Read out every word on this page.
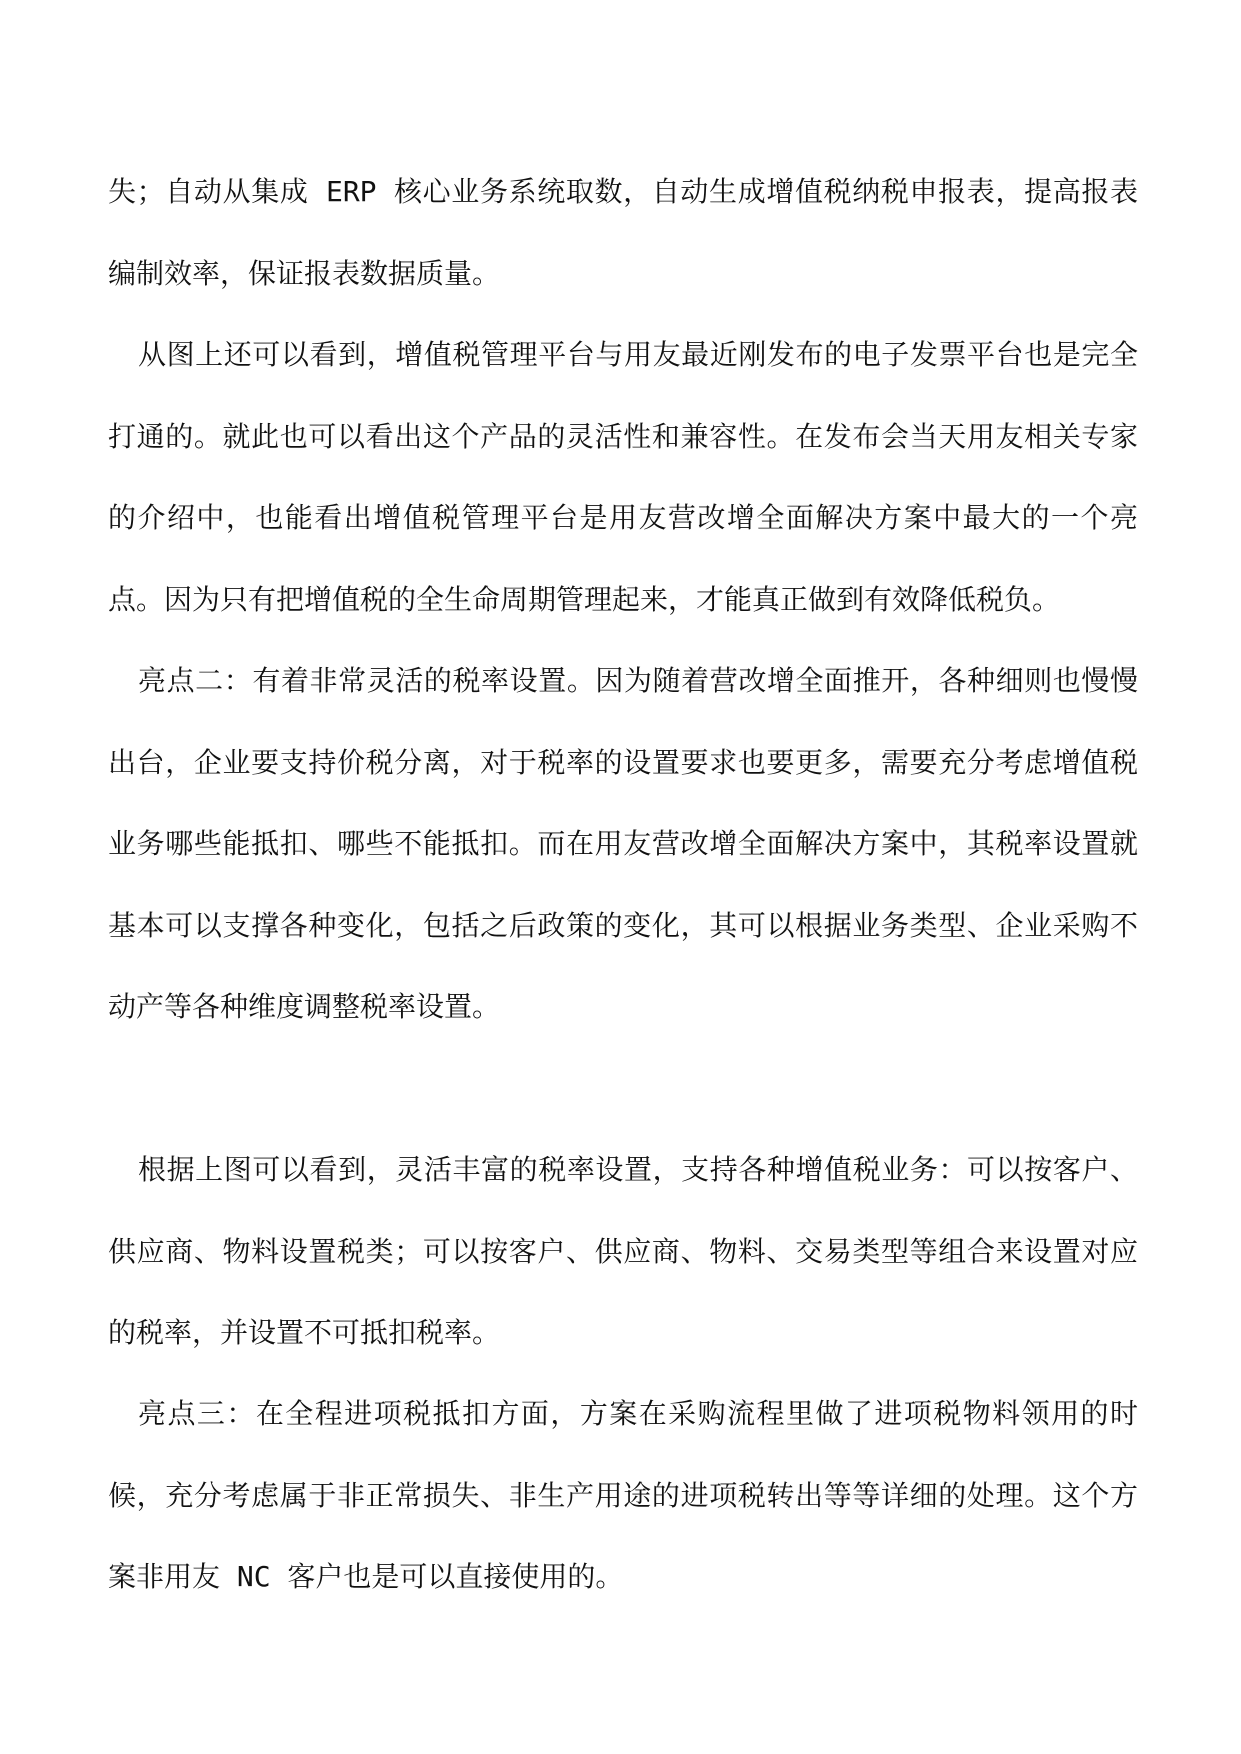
失；自动从集成 ERP 核心业务系统取数，自动生成增值税纳税申报表，提高报表编制效率，保证报表数据质量。

从图上还可以看到，增值税管理平台与用友最近刚发布的电子发票平台也是完全打通的。就此也可以看出这个产品的灵活性和兼容性。在发布会当天用友相关专家的介绍中，也能看出增值税管理平台是用友营改增全面解决方案中最大的一个亮点。因为只有把增值税的全生命周期管理起来，才能真正做到有效降低税负。

亮点二：有着非常灵活的税率设置。因为随着营改增全面推开，各种细则也慢慢出台，企业要支持价税分离，对于税率的设置要求也要更多，需要充分考虑增值税业务哪些能抵扣、哪些不能抵扣。而在用友营改增全面解决方案中，其税率设置就基本可以支撑各种变化，包括之后政策的变化，其可以根据业务类型、企业采购不动产等各种维度调整税率设置。

根据上图可以看到，灵活丰富的税率设置，支持各种增值税业务：可以按客户、供应商、物料设置税类；可以按客户、供应商、物料、交易类型等组合来设置对应的税率，并设置不可抵扣税率。

亮点三：在全程进项税抵扣方面，方案在采购流程里做了进项税物料领用的时候，充分考虑属于非正常损失、非生产用途的进项税转出等等详细的处理。这个方案非用友 NC 客户也是可以直接使用的。
